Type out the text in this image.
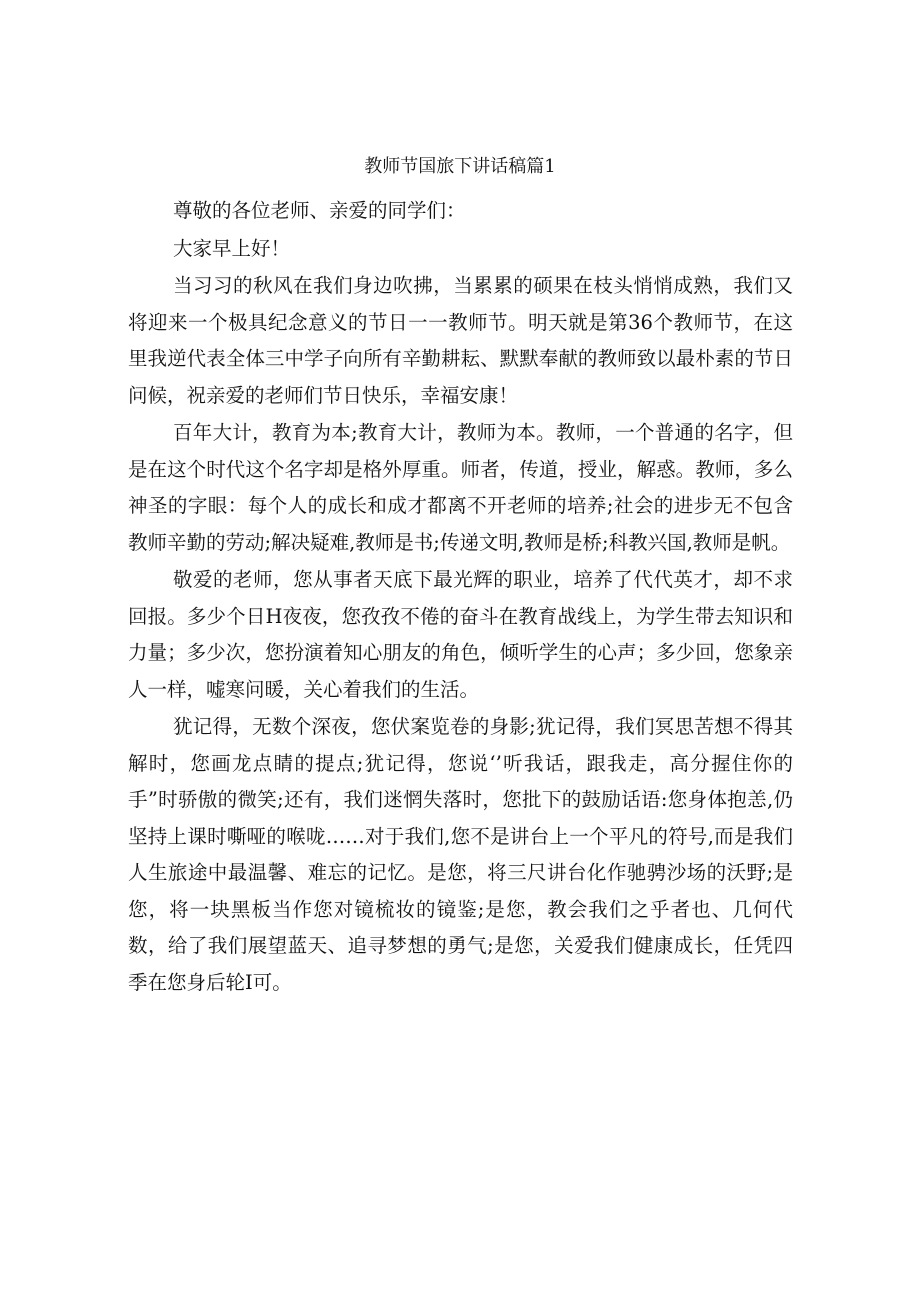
教师节国旅下讲话稿篇1

尊敬的各位老师、亲爱的同学们：

大家早上好！

当习习的秋风在我们身边吹拂，当累累的硕果在枝头悄悄成熟，我们又将迎来一个极具纪念意义的节日一一教师节。明天就是第36个教师节，在这里我逆代表全体三中学子向所有辛勤耕耘、默默奉献的教师致以最朴素的节日问候，祝亲爱的老师们节日快乐，幸福安康！

百年大计，教育为本;教育大计，教师为本。教师，一个普通的名字，但是在这个时代这个名字却是格外厚重。师者，传道，授业，解惑。教师，多么神圣的字眼：每个人的成长和成才都离不开老师的培养;社会的进步无不包含教师辛勤的劳动;解决疑难,教师是书;传递文明,教师是桥;科教兴国,教师是帆。

敬爱的老师，您从事者天底下最光辉的职业，培养了代代英才，却不求回报。多少个日H夜夜，您孜孜不倦的奋斗在教育战线上，为学生带去知识和力量；多少次，您扮演着知心朋友的角色，倾听学生的心声；多少回，您象亲人一样，嘘寒问暖，关心着我们的生活。

犹记得，无数个深夜，您伏案览卷的身影;犹记得，我们冥思苦想不得其解时，您画龙点睛的提点;犹记得，您说‘’听我话，跟我走，高分握住你的手”时骄傲的微笑;还有，我们迷惘失落时，您批下的鼓励话语:您身体抱恙,仍坚持上课时嘶哑的喉咙……对于我们,您不是讲台上一个平凡的符号,而是我们人生旅途中最温馨、难忘的记忆。是您，将三尺讲台化作驰骋沙场的沃野;是您，将一块黑板当作您对镜梳妆的镜鉴;是您，教会我们之乎者也、几何代数，给了我们展望蓝天、追寻梦想的勇气;是您，关爱我们健康成长，任凭四季在您身后轮I可。
